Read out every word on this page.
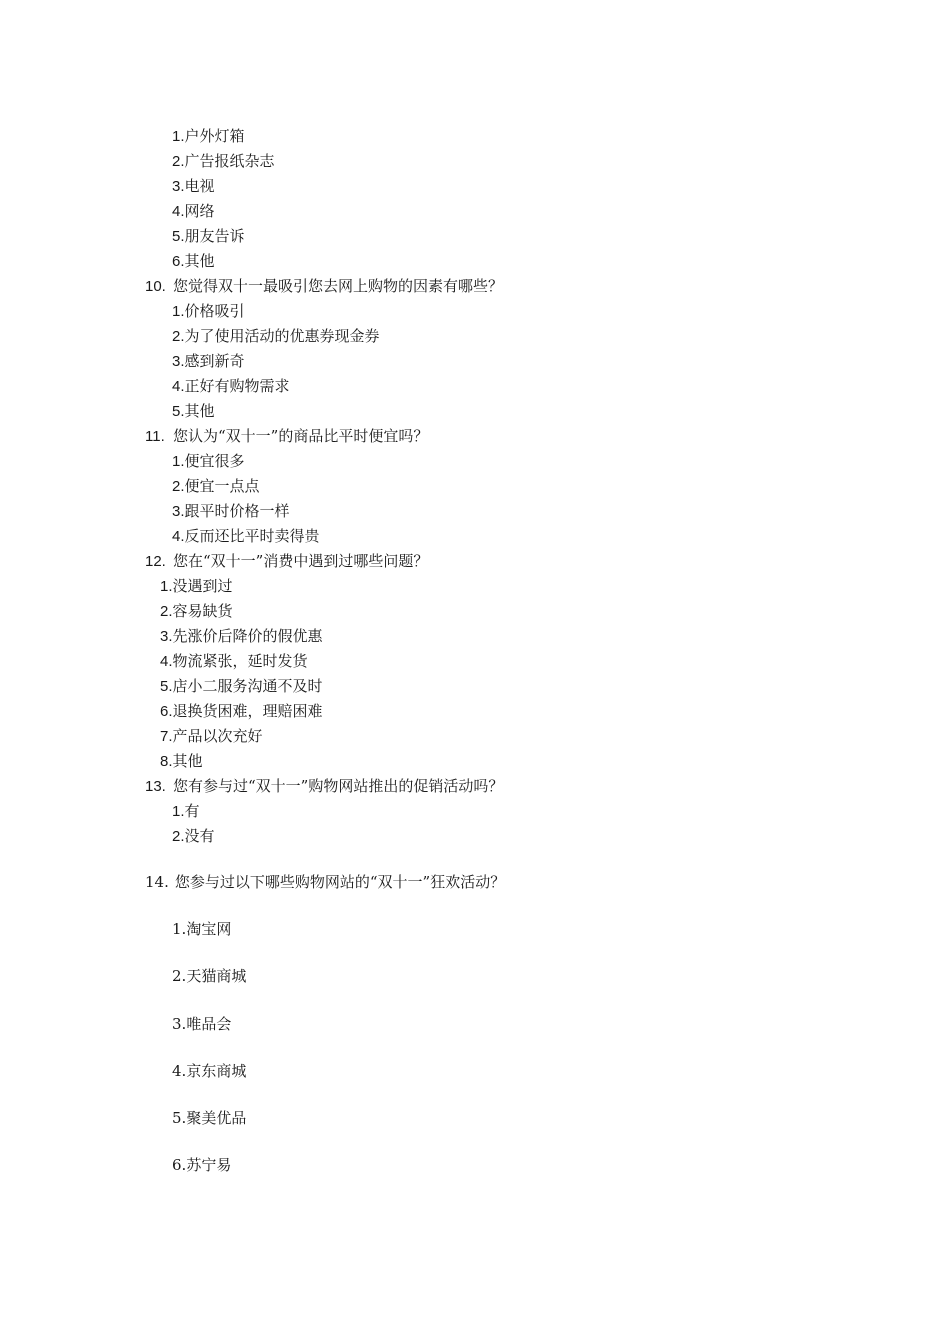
1.户外灯箱
2.广告报纸杂志
3.电视
4.网络
5.朋友告诉
6.其他
10. 您觉得双十一最吸引您去网上购物的因素有哪些？
1.价格吸引
2.为了使用活动的优惠券现金券
3.感到新奇
4.正好有购物需求
5.其他
11. 您认为“双十一”的商品比平时便宜吗？
1.便宜很多
2.便宜一点点
3.跟平时价格一样
4.反而还比平时卖得贵
12. 您在“双十一”消费中遇到过哪些问题？
1.没遇到过
2.容易缺货
3.先涨价后降价的假优惠
4.物流紧张，延时发货
5.店小二服务沟通不及时
6.退换货困难，理赔困难
7.产品以次充好
8.其他
13. 您有参与过“双十一”购物网站推出的促销活动吗？
1.有
2.没有
14. 您参与过以下哪些购物网站的“双十一”狂欢活动？
1.淘宝网
2.天猫商城
3.唯品会
4.京东商城
5.聚美优品
6.苏宁易
